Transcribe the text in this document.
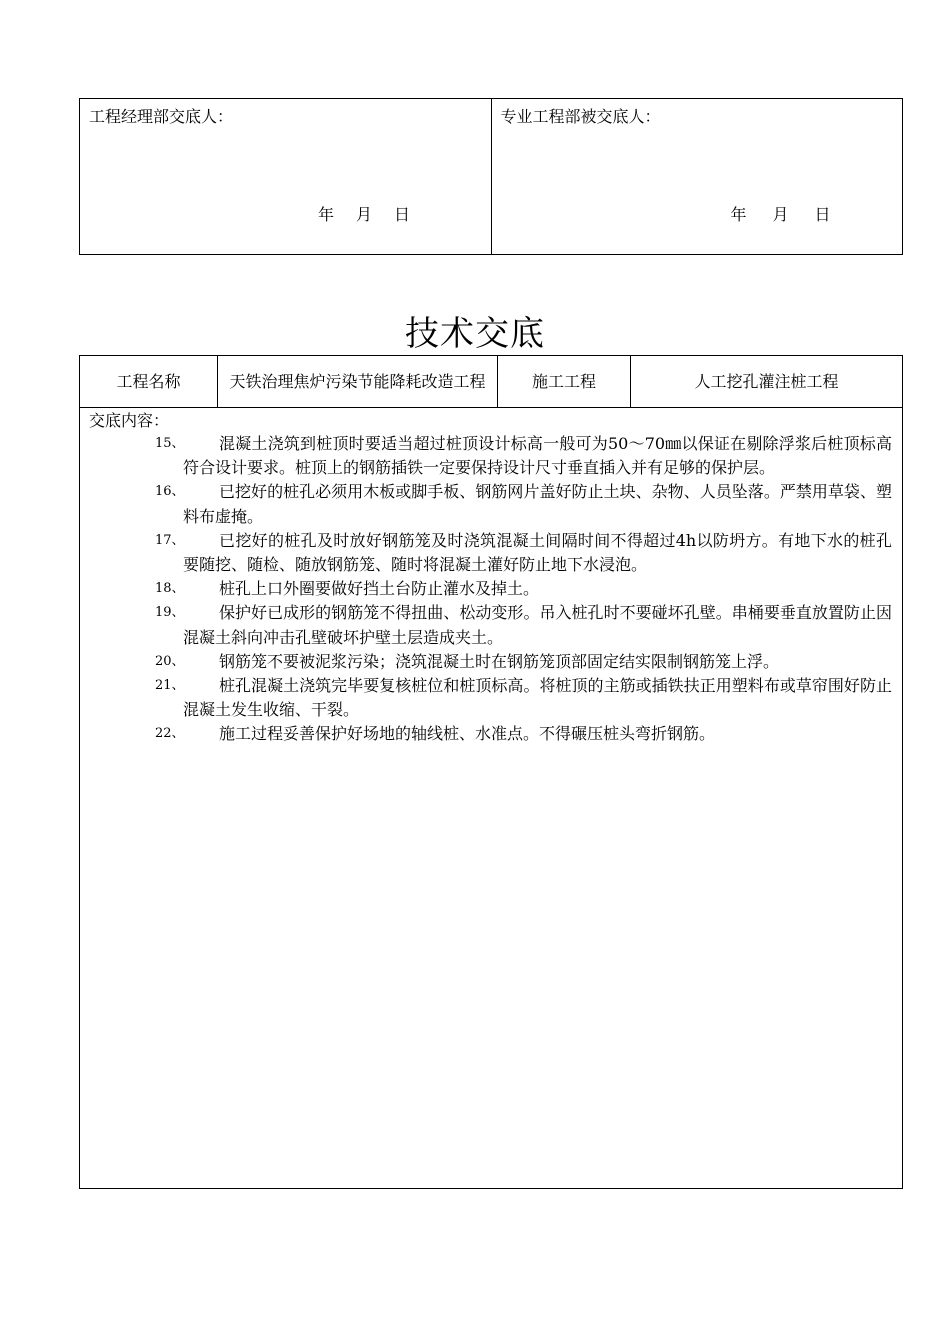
工程经理部交底人：
年 月 日
专业工程部被交底人：
年 月 日
技术交底
工程名称	天铁治理焦炉污染节能降耗改造工程	施工工程	人工挖孔灌注桩工程
交底内容：
15、	混凝土浇筑到桩顶时要适当超过桩顶设计标高一般可为50～70㎜以保证在剔除浮浆后桩顶标高符合设计要求。桩顶上的钢筋插铁一定要保持设计尺寸垂直插入并有足够的保护层。
16、	已挖好的桩孔必须用木板或脚手板、钢筋网片盖好防止土块、杂物、人员坠落。严禁用草袋、塑料布虚掩。
17、	已挖好的桩孔及时放好钢筋笼及时浇筑混凝土间隔时间不得超过4h以防坍方。有地下水的桩孔要随挖、随检、随放钢筋笼、随时将混凝土灌好防止地下水浸泡。
18、	桩孔上口外圈要做好挡土台防止灌水及掉土。
19、	保护好已成形的钢筋笼不得扭曲、松动变形。吊入桩孔时不要碰坏孔壁。串桶要垂直放置防止因混凝土斜向冲击孔壁破坏护壁土层造成夹土。
20、	钢筋笼不要被泥浆污染；浇筑混凝土时在钢筋笼顶部固定结实限制钢筋笼上浮。
21、	桩孔混凝土浇筑完毕要复核桩位和桩顶标高。将桩顶的主筋或插铁扶正用塑料布或草帘围好防止混凝土发生收缩、干裂。
22、	施工过程妥善保护好场地的轴线桩、水准点。不得碾压桩头弯折钢筋。
